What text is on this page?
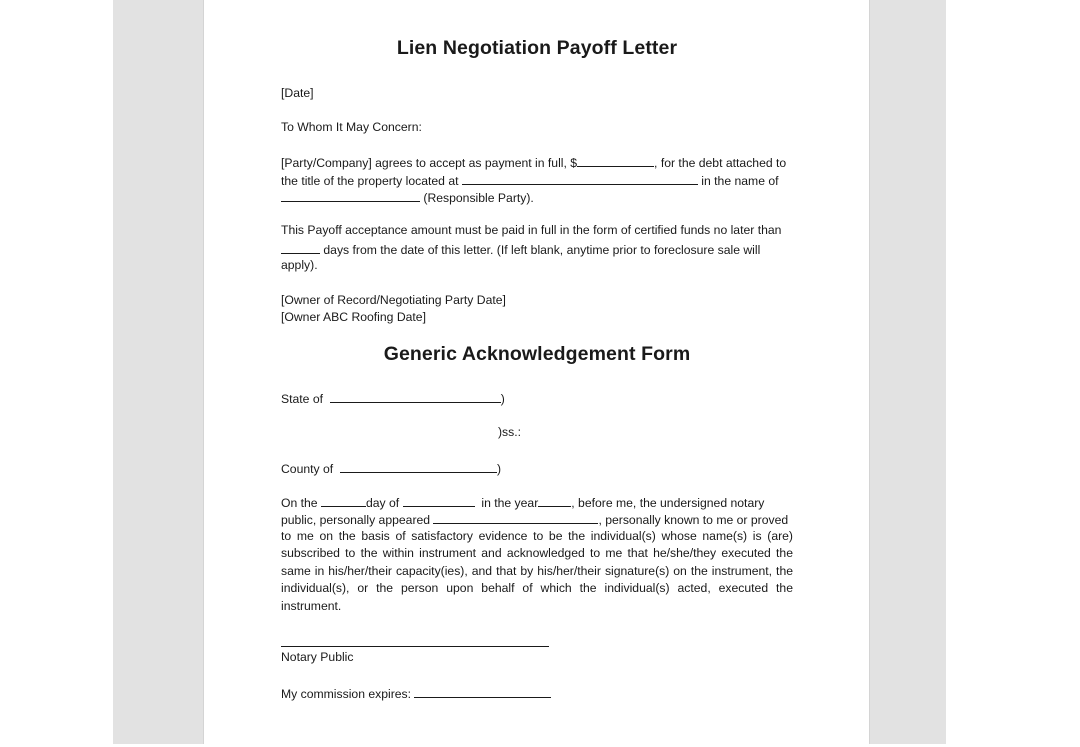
Lien Negotiation Payoff Letter
[Date]
To Whom It May Concern:
[Party/Company] agrees to accept as payment in full, $	, for the debt attached to
the title of the property located at	in the name of
(Responsible Party).
This Payoff acceptance amount must be paid in full in the form of certified funds no later than
days from the date of this letter. (If left blank, anytime prior to foreclosure sale will
apply).
[Owner of Record/Negotiating Party Date]
[Owner ABC Roofing Date]
Generic Acknowledgement Form
State of	)
)ss.:
County of	)
On the	day of	in the year	, before me, the undersigned notary
public, personally appeared	, personally known to me or proved
to me on the basis of satisfactory evidence to be the individual(s) whose name(s) is (are) subscribed to the within instrument and acknowledged to me that he/she/they executed the same in his/her/their capacity(ies), and that by his/her/their signature(s) on the instrument, the individual(s), or the person upon behalf of which the individual(s) acted, executed the instrument.
Notary Public
My commission expires:
